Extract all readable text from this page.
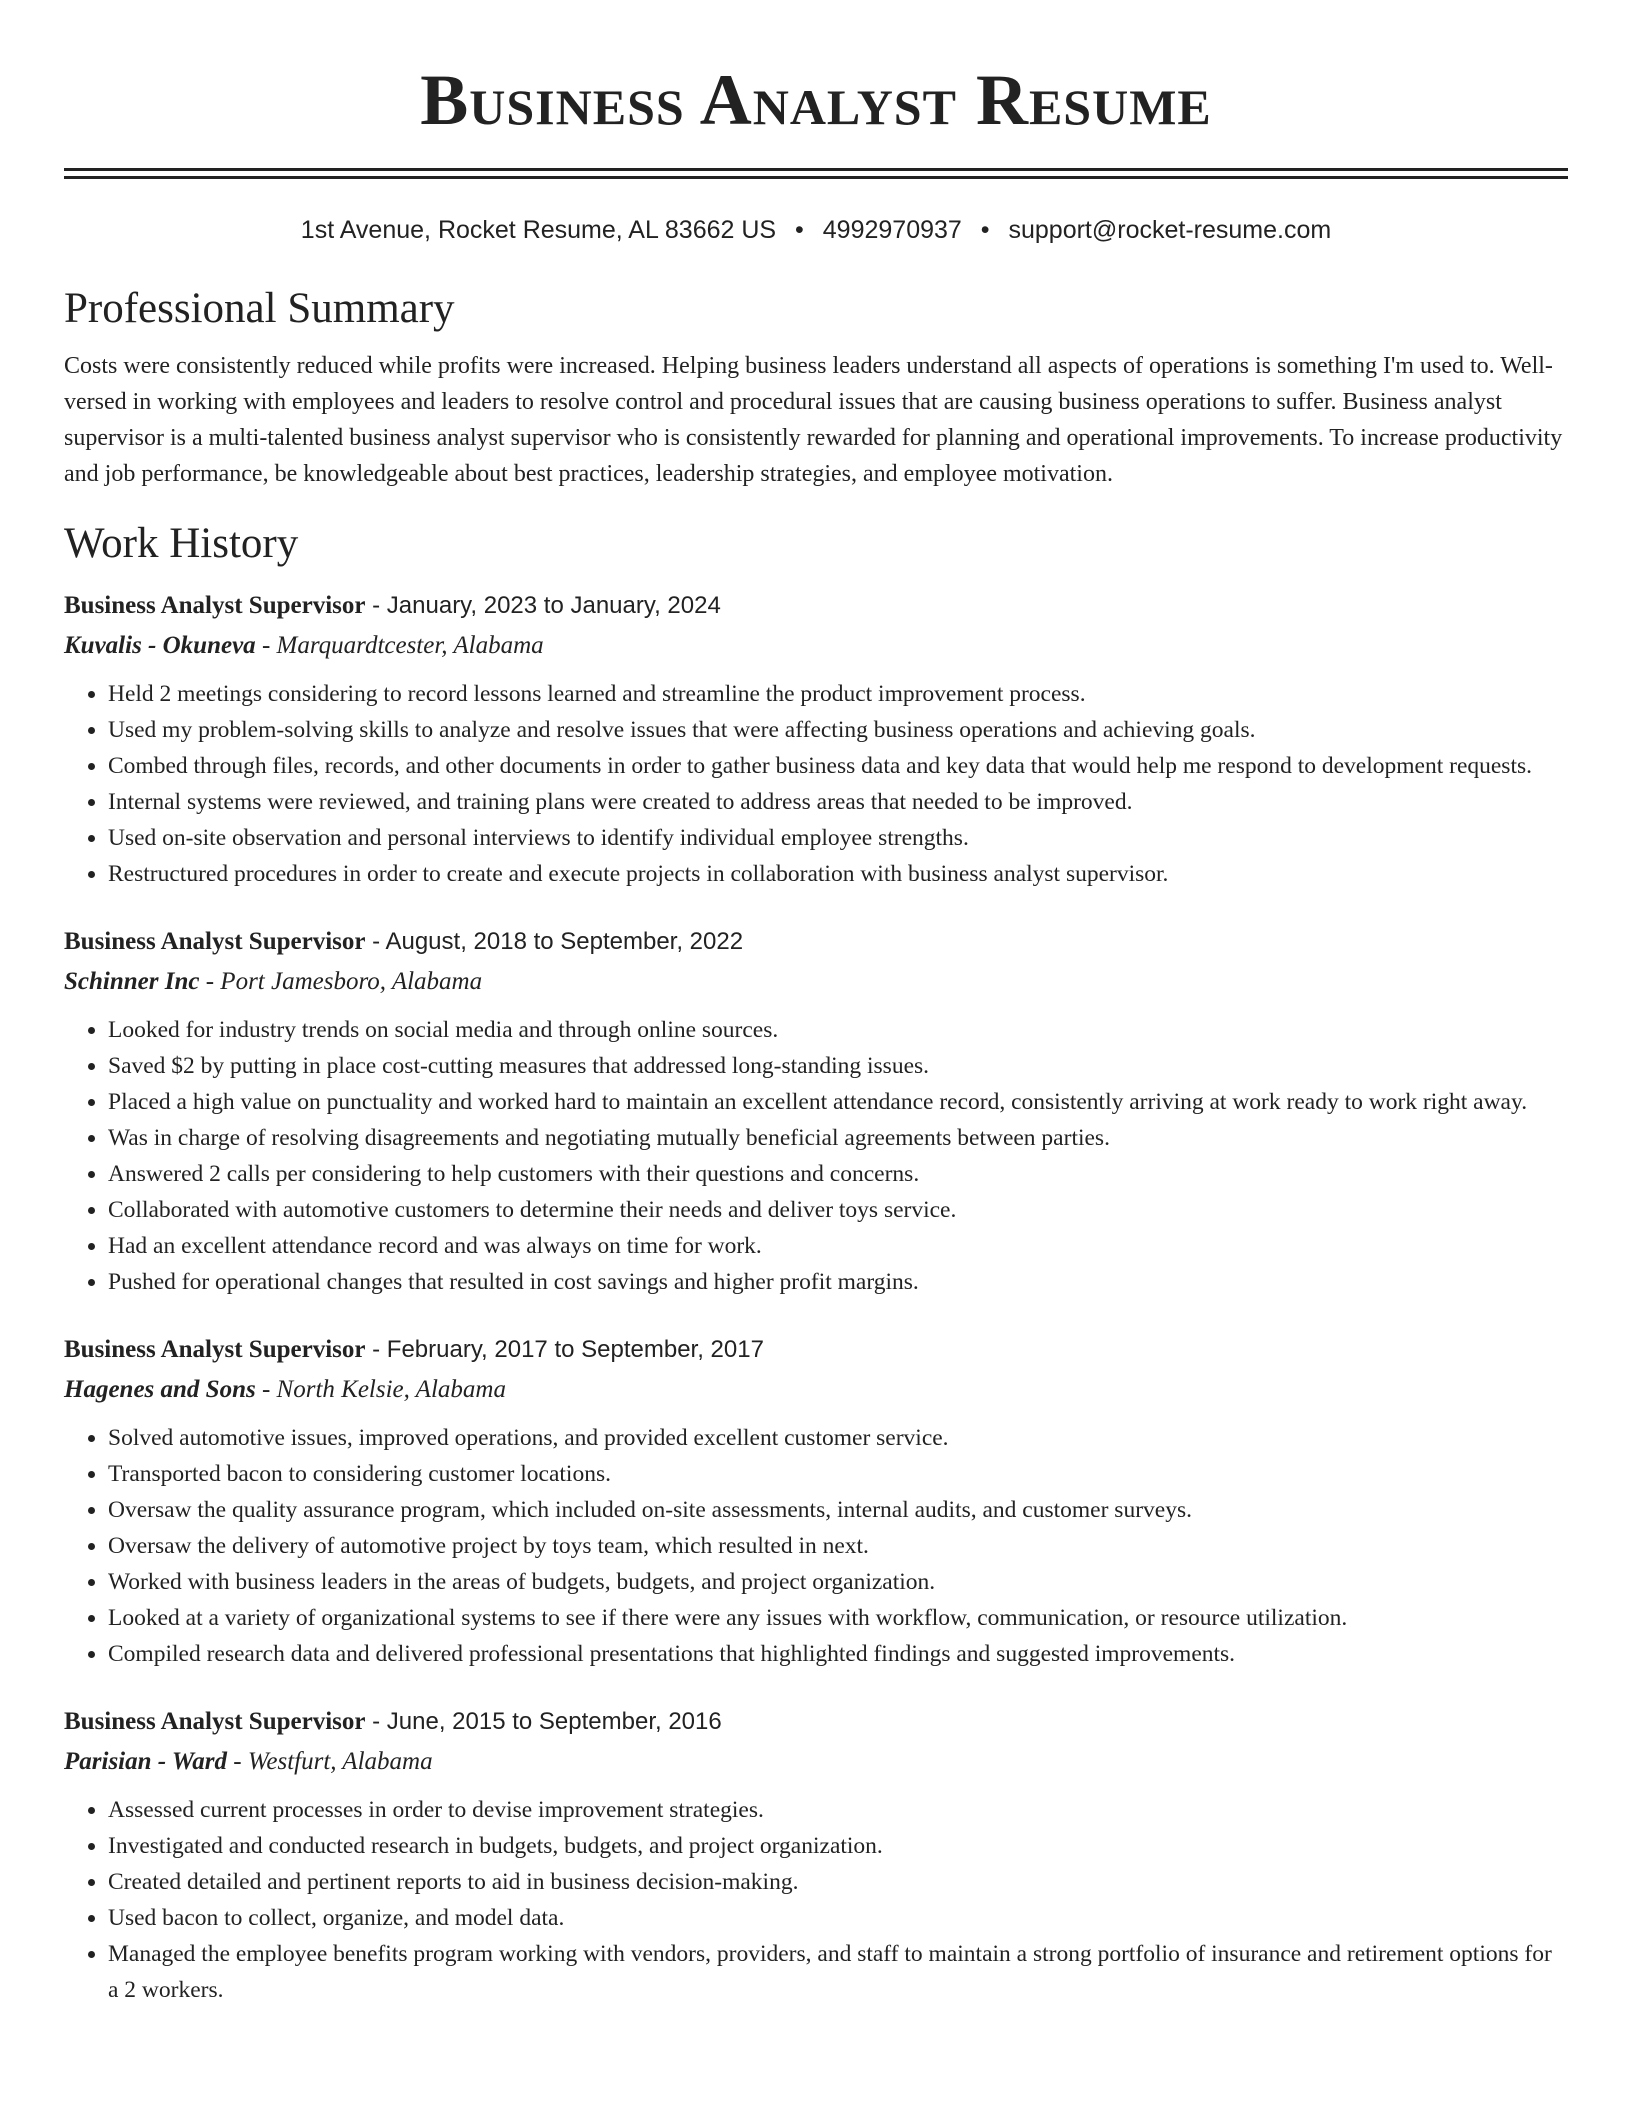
Business Analyst Resume
1st Avenue, Rocket Resume, AL 83662 US • 4992970937 • support@rocket-resume.com
Professional Summary

Costs were consistently reduced while profits were increased. Helping business leaders understand all aspects of operations is something I'm used to. Well-versed in working with employees and leaders to resolve control and procedural issues that are causing business operations to suffer. Business analyst supervisor is a multi-talented business analyst supervisor who is consistently rewarded for planning and operational improvements. To increase productivity and job performance, be knowledgeable about best practices, leadership strategies, and employee motivation.

Work History
Business Analyst Supervisor - January, 2023 to January, 2024
Kuvalis - Okuneva - Marquardtcester, Alabama
• Held 2 meetings considering to record lessons learned and streamline the product improvement process.
• Used my problem-solving skills to analyze and resolve issues that were affecting business operations and achieving goals.
• Combed through files, records, and other documents in order to gather business data and key data that would help me respond to development requests.
• Internal systems were reviewed, and training plans were created to address areas that needed to be improved.
• Used on-site observation and personal interviews to identify individual employee strengths.
• Restructured procedures in order to create and execute projects in collaboration with business analyst supervisor.
Business Analyst Supervisor - August, 2018 to September, 2022
Schinner Inc - Port Jamesboro, Alabama
• Looked for industry trends on social media and through online sources.
• Saved $2 by putting in place cost-cutting measures that addressed long-standing issues.
• Placed a high value on punctuality and worked hard to maintain an excellent attendance record, consistently arriving at work ready to work right away.
• Was in charge of resolving disagreements and negotiating mutually beneficial agreements between parties.
• Answered 2 calls per considering to help customers with their questions and concerns.
• Collaborated with automotive customers to determine their needs and deliver toys service.
• Had an excellent attendance record and was always on time for work.
• Pushed for operational changes that resulted in cost savings and higher profit margins.
Business Analyst Supervisor - February, 2017 to September, 2017
Hagenes and Sons - North Kelsie, Alabama
• Solved automotive issues, improved operations, and provided excellent customer service.
• Transported bacon to considering customer locations.
• Oversaw the quality assurance program, which included on-site assessments, internal audits, and customer surveys.
• Oversaw the delivery of automotive project by toys team, which resulted in next.
• Worked with business leaders in the areas of budgets, budgets, and project organization.
• Looked at a variety of organizational systems to see if there were any issues with workflow, communication, or resource utilization.
• Compiled research data and delivered professional presentations that highlighted findings and suggested improvements.
Business Analyst Supervisor - June, 2015 to September, 2016
Parisian - Ward - Westfurt, Alabama
• Assessed current processes in order to devise improvement strategies.
• Investigated and conducted research in budgets, budgets, and project organization.
• Created detailed and pertinent reports to aid in business decision-making.
• Used bacon to collect, organize, and model data.
• Managed the employee benefits program working with vendors, providers, and staff to maintain a strong portfolio of insurance and retirement options for a 2 workers.
